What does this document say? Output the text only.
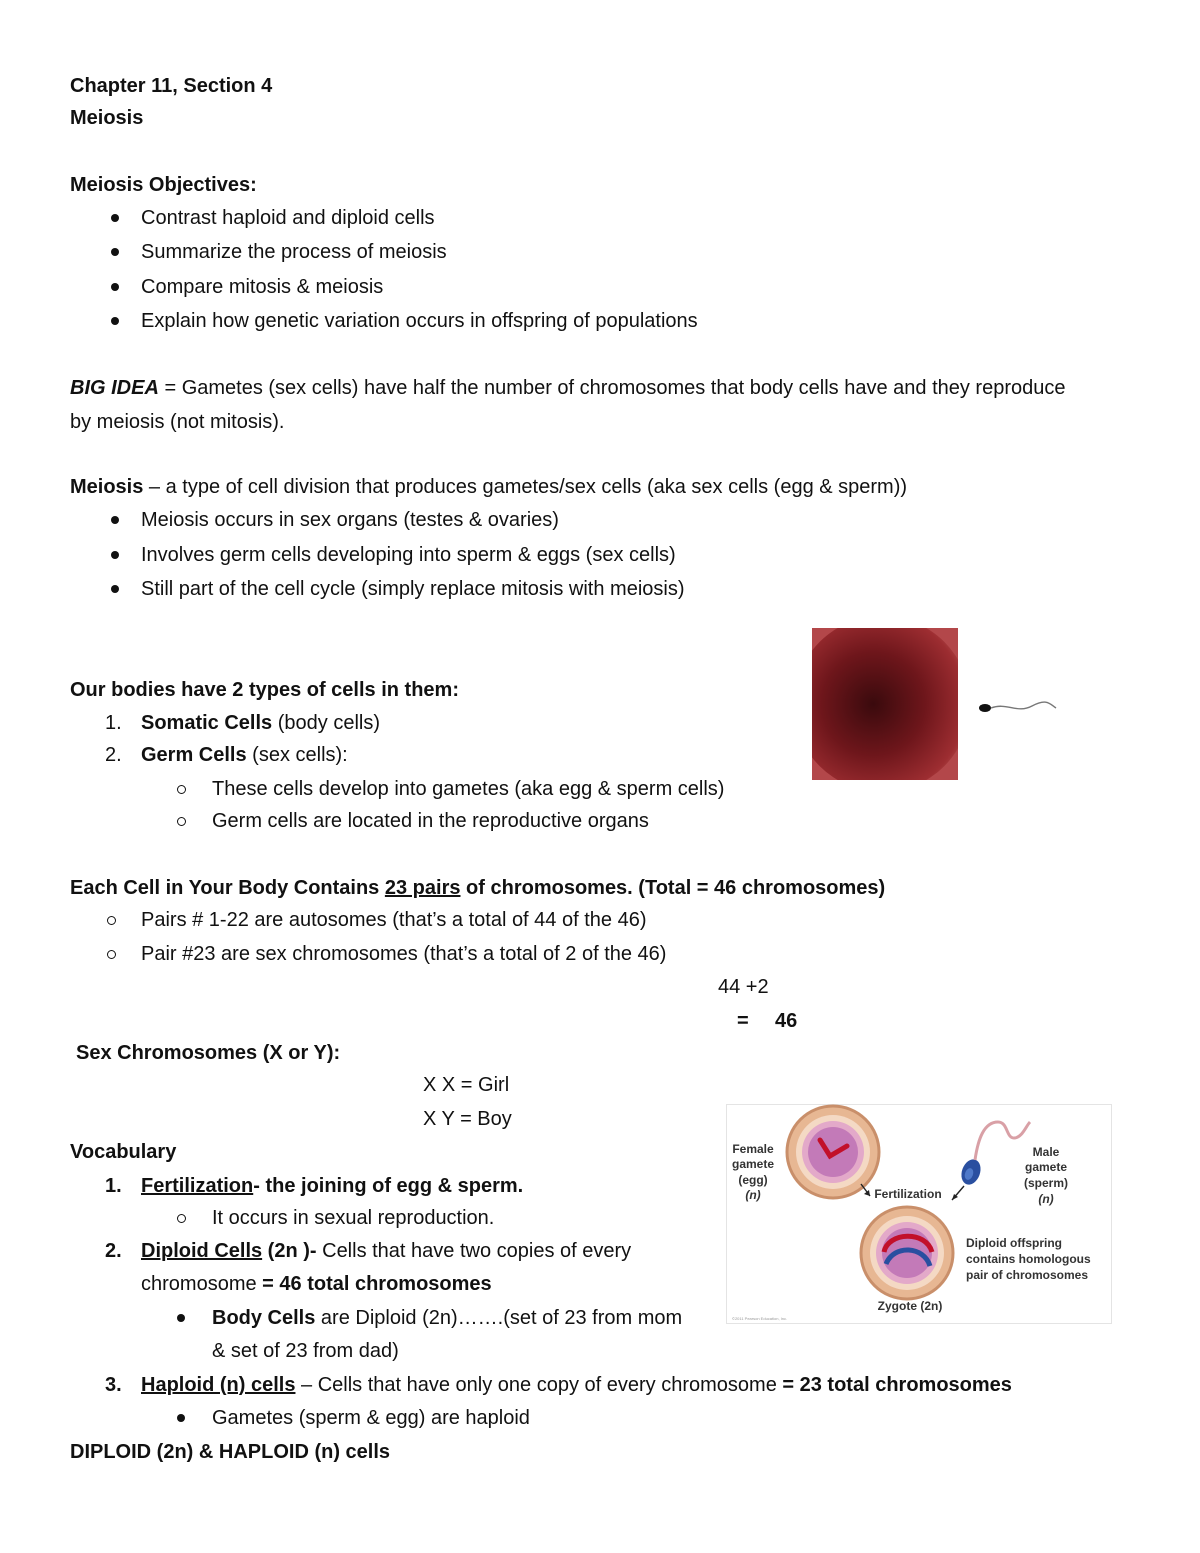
Chapter 11, Section 4
Meiosis
Meiosis Objectives:
Contrast haploid and diploid cells
Summarize the process of meiosis
Compare mitosis & meiosis
Explain how genetic variation occurs in offspring of populations
BIG IDEA = Gametes (sex cells) have half the number of chromosomes that body cells have and they reproduce
by meiosis (not mitosis).
Meiosis – a type of cell division that produces gametes/sex cells (aka sex cells (egg & sperm))
Meiosis occurs in sex organs (testes & ovaries)
Involves germ cells developing into sperm & eggs (sex cells)
Still part of the cell cycle (simply replace mitosis with meiosis)
Our bodies have 2 types of cells in them:
1. Somatic Cells (body cells)
2. Germ Cells (sex cells):
These cells develop into gametes (aka egg & sperm cells)
Germ cells are located in the reproductive organs
Each Cell in Your Body Contains 23 pairs of chromosomes. (Total = 46 chromosomes)
Pairs # 1-22 are autosomes (that’s a total of 44 of the 46)
Pair #23 are sex chromosomes (that’s a total of 2 of the 46)
44 +2
= 46
Sex Chromosomes (X or Y):
X X = Girl
X Y = Boy
Female
gamete
(egg)
(n)
Male
gamete
(sperm)
(n)
Fertilization
Diploid offspring
contains homologous
pair of chromosomes
Zygote (2n)
©2011 Pearson Education, Inc.
Vocabulary
1. Fertilization- the joining of egg & sperm.
It occurs in sexual reproduction.
2. Diploid Cells (2n )- Cells that have two copies of every
chromosome = 46 total chromosomes
Body Cells are Diploid (2n)…….(set of 23 from mom
& set of 23 from dad)
3. Haploid (n) cells – Cells that have only one copy of every chromosome = 23 total chromosomes
Gametes (sperm & egg) are haploid
DIPLOID (2n) & HAPLOID (n) cells
